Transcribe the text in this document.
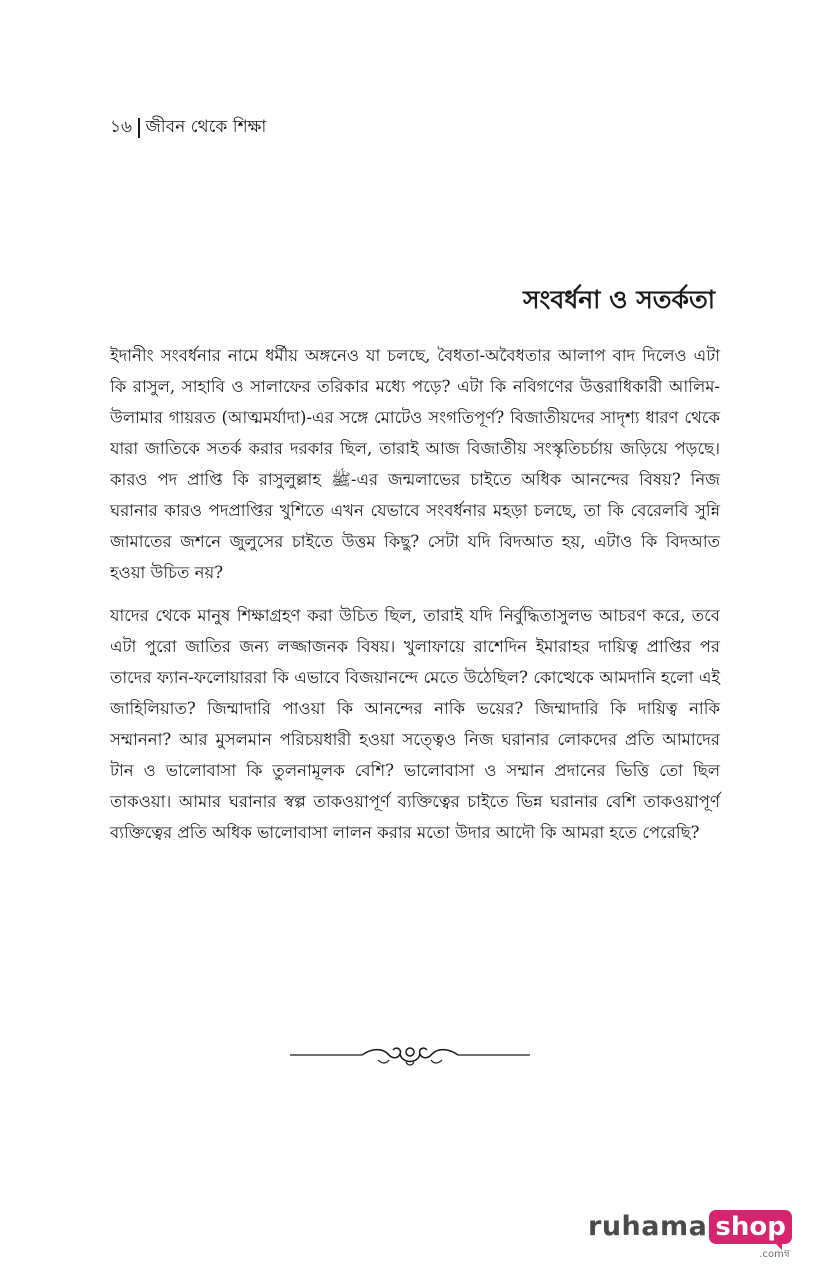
১৬ জীবন থেকে শিক্ষা
সংবর্ধনা ও সতর্কতা

ইদানীং সংবর্ধনার নামে ধর্মীয় অঙ্গনেও যা চলছে, বৈধতা-অবৈধতার আলাপ বাদ দিলেও এটা কি রাসুল, সাহাবি ও সালাফের তরিকার মধ্যে পড়ে? এটা কি নবিগণের উত্তরাধিকারী আলিম-উলামার গায়রত (আত্মমর্যাদা)-এর সঙ্গে মোটেও সংগতিপূর্ণ? বিজাতীয়দের সাদৃশ্য ধারণ থেকে যারা জাতিকে সতর্ক করার দরকার ছিল, তারাই আজ বিজাতীয় সংস্কৃতিচর্চায় জড়িয়ে পড়ছে। কারও পদ প্রাপ্তি কি রাসুলুল্লাহ ﷺ-এর জন্মলাভের চাইতে অধিক আনন্দের বিষয়? নিজ ঘরানার কারও পদপ্রাপ্তির খুশিতে এখন যেভাবে সংবর্ধনার মহড়া চলছে, তা কি বেরেলবি সুন্নি জামাতের জশনে জুলুসের চাইতে উত্তম কিছু? সেটা যদি বিদআত হয়, এটাও কি বিদআত হওয়া উচিত নয়?

যাদের থেকে মানুষ শিক্ষাগ্রহণ করা উচিত ছিল, তারাই যদি নির্বুদ্ধিতাসুলভ আচরণ করে, তবে এটা পুরো জাতির জন্য লজ্জাজনক বিষয়। খুলাফায়ে রাশেদিন ইমারাহর দায়িত্ব প্রাপ্তির পর তাদের ফ্যান-ফলোয়াররা কি এভাবে বিজয়ানন্দে মেতে উঠেছিল? কোত্থেকে আমদানি হলো এই জাহিলিয়াত? জিম্মাদারি পাওয়া কি আনন্দের নাকি ভয়ের? জিম্মাদারি কি দায়িত্ব নাকি সম্মাননা? আর মুসলমান পরিচয়ধারী হওয়া সত্ত্বেও নিজ ঘরানার লোকদের প্রতি আমাদের টান ও ভালোবাসা কি তুলনামূলক বেশি? ভালোবাসা ও সম্মান প্রদানের ভিত্তি তো ছিল তাকওয়া। আমার ঘরানার স্বল্প তাকওয়াপূর্ণ ব্যক্তিত্বের চাইতে ভিন্ন ঘরানার বেশি তাকওয়াপূর্ণ ব্যক্তিত্বের প্রতি অধিক ভালোবাসা লালন করার মতো উদার আদৌ কি আমরা হতে পেরেছি?

ruhama shop
.comম্ব
